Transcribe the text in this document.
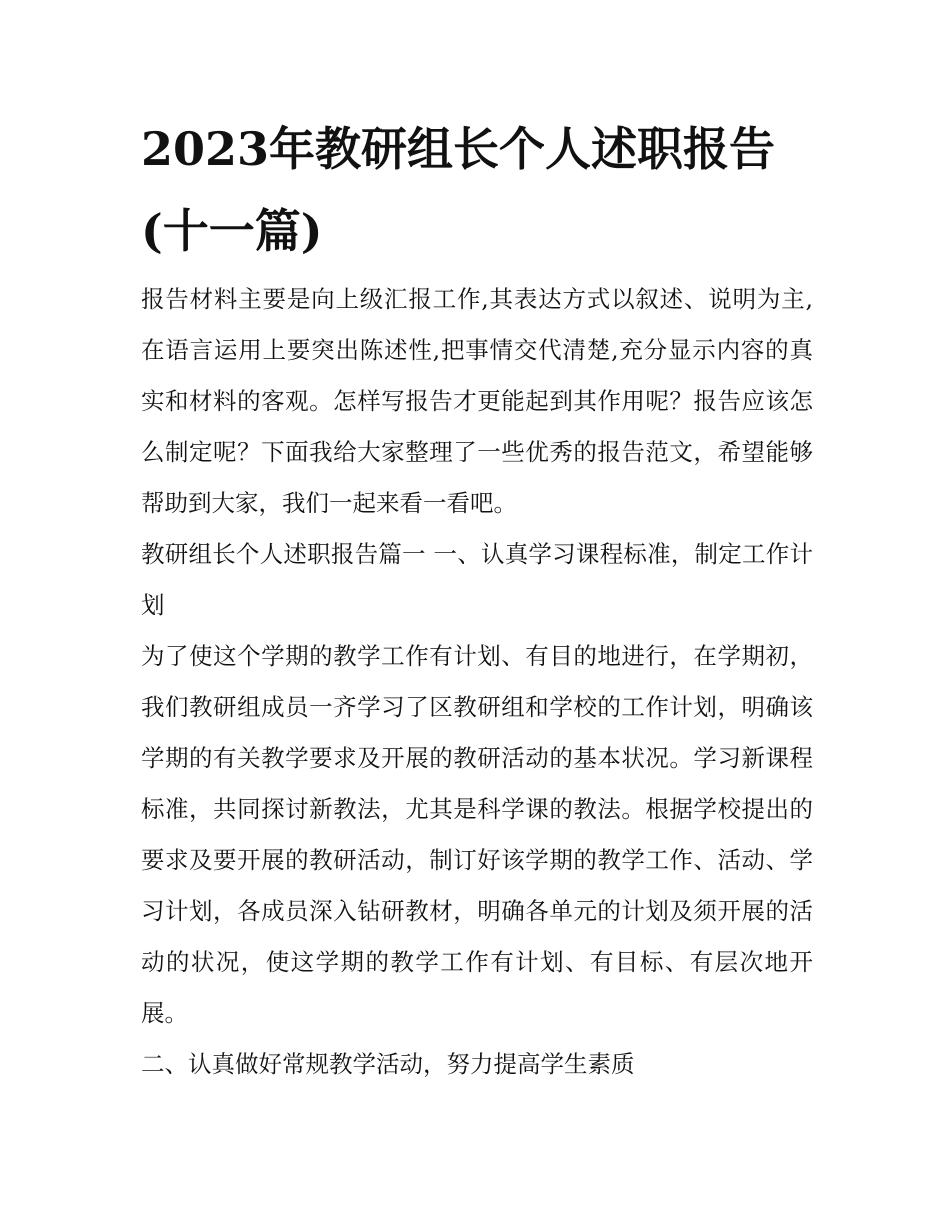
2023年教研组长个人述职报告(十一篇)

报告材料主要是向上级汇报工作,其表达方式以叙述、说明为主,在语言运用上要突出陈述性,把事情交代清楚,充分显示内容的真实和材料的客观。怎样写报告才更能起到其作用呢？报告应该怎么制定呢？下面我给大家整理了一些优秀的报告范文，希望能够帮助到大家，我们一起来看一看吧。

教研组长个人述职报告篇一 一、认真学习课程标准，制定工作计划

为了使这个学期的教学工作有计划、有目的地进行，在学期初，我们教研组成员一齐学习了区教研组和学校的工作计划，明确该学期的有关教学要求及开展的教研活动的基本状况。学习新课程标准，共同探讨新教法，尤其是科学课的教法。根据学校提出的要求及要开展的教研活动，制订好该学期的教学工作、活动、学习计划，各成员深入钻研教材，明确各单元的计划及须开展的活动的状况，使这学期的教学工作有计划、有目标、有层次地开展。

二、认真做好常规教学活动，努力提高学生素质
